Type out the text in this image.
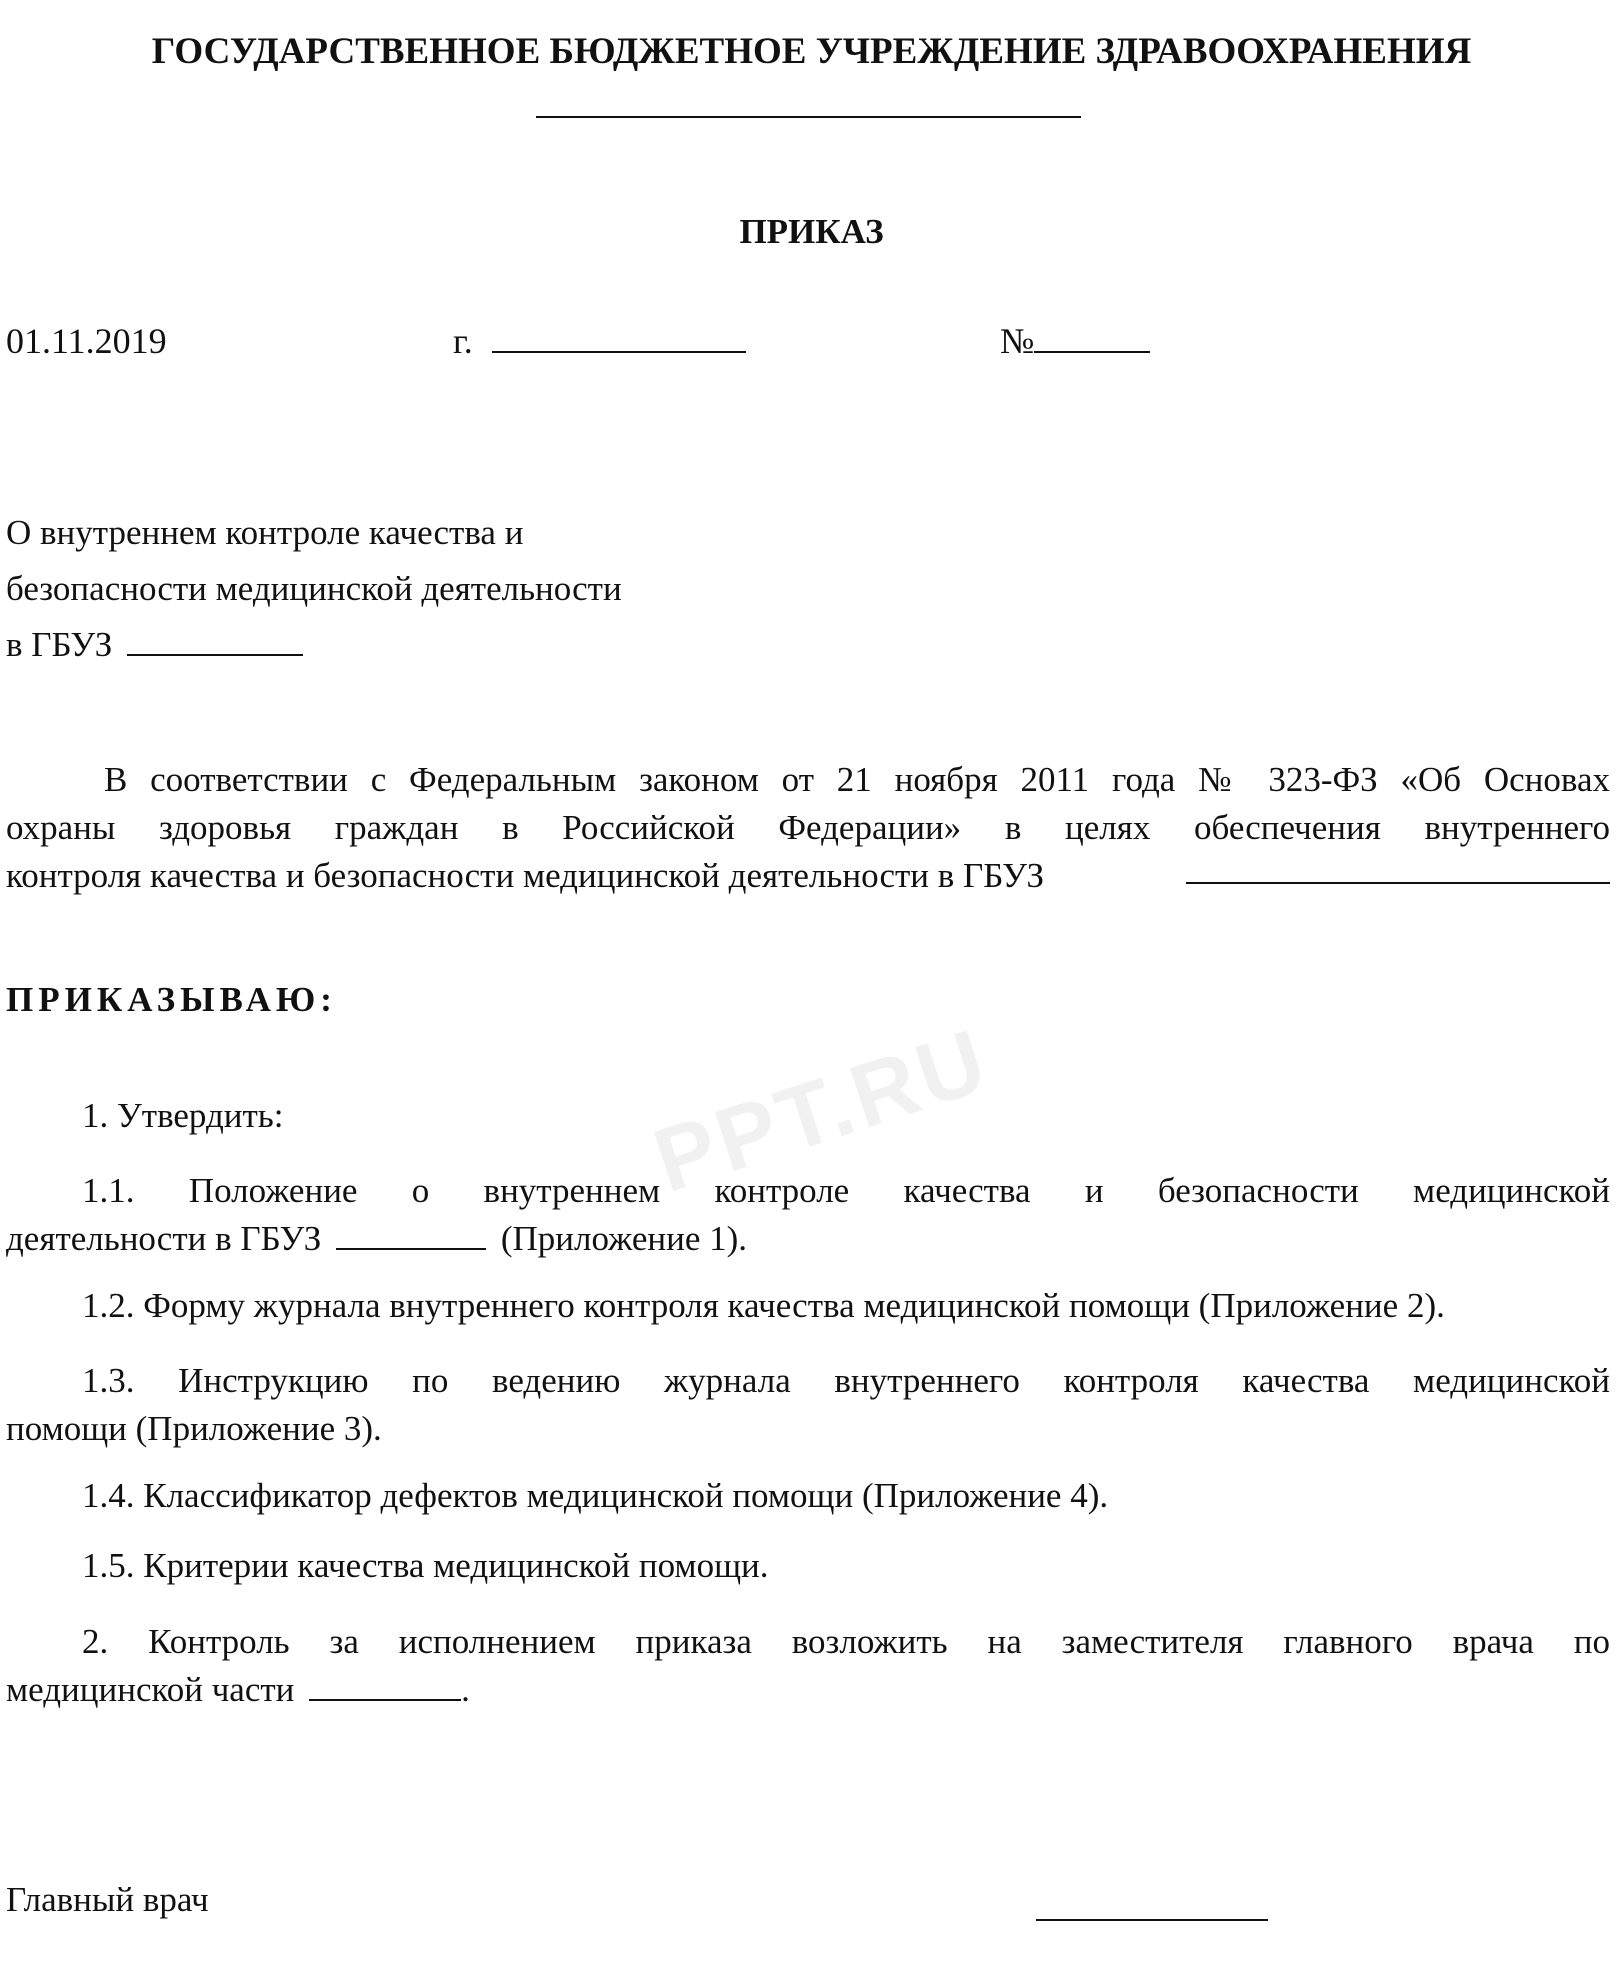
ГОСУДАРСТВЕННОЕ БЮДЖЕТНОЕ УЧРЕЖДЕНИЕ ЗДРАВООХРАНЕНИЯ
ПРИКАЗ
01.11.2019	г.	№
О внутреннем контроле качества и
безопасности медицинской деятельности
в ГБУЗ
В соответствии с Федеральным законом от 21 ноября 2011 года № 323-ФЗ «Об Основах
охраны здоровья граждан в Российской Федерации» в целях обеспечения внутреннего
контроля качества и безопасности медицинской деятельности в ГБУЗ
ПРИКАЗЫВАЮ:
PPT.RU
1. Утвердить:
1.1. Положение о внутреннем контроле качества и безопасности медицинской
деятельности в ГБУЗ	(Приложение 1).
1.2. Форму журнала внутреннего контроля качества медицинской помощи (Приложение 2).
1.3. Инструкцию по ведению журнала внутреннего контроля качества медицинской
помощи (Приложение 3).
1.4. Классификатор дефектов медицинской помощи (Приложение 4).
1.5. Критерии качества медицинской помощи.
2. Контроль за исполнением приказа возложить на заместителя главного врача по
медицинской части	.
Главный врач
